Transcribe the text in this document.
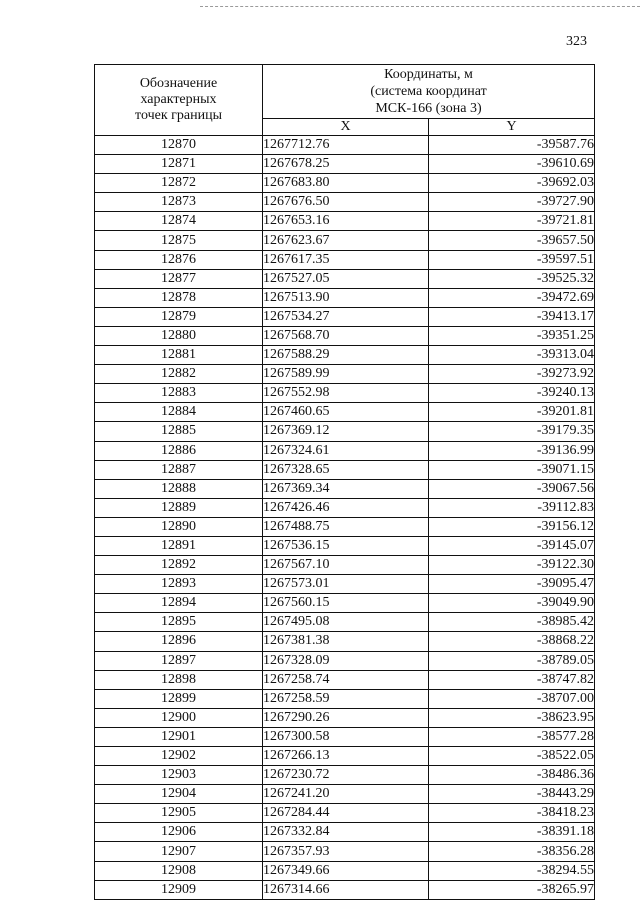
323
Обозначение
характерных
точек границы	Координаты, м
(система координат
МСК-166 (зона 3)	

	X	Y
12870	1267712.76	-39587.76
12871	1267678.25	-39610.69
12872	1267683.80	-39692.03
12873	1267676.50	-39727.90
12874	1267653.16	-39721.81
12875	1267623.67	-39657.50
12876	1267617.35	-39597.51
12877	1267527.05	-39525.32
12878	1267513.90	-39472.69
12879	1267534.27	-39413.17
12880	1267568.70	-39351.25
12881	1267588.29	-39313.04
12882	1267589.99	-39273.92
12883	1267552.98	-39240.13
12884	1267460.65	-39201.81
12885	1267369.12	-39179.35
12886	1267324.61	-39136.99
12887	1267328.65	-39071.15
12888	1267369.34	-39067.56
12889	1267426.46	-39112.83
12890	1267488.75	-39156.12
12891	1267536.15	-39145.07
12892	1267567.10	-39122.30
12893	1267573.01	-39095.47
12894	1267560.15	-39049.90
12895	1267495.08	-38985.42
12896	1267381.38	-38868.22
12897	1267328.09	-38789.05
12898	1267258.74	-38747.82
12899	1267258.59	-38707.00
12900	1267290.26	-38623.95
12901	1267300.58	-38577.28
12902	1267266.13	-38522.05
12903	1267230.72	-38486.36
12904	1267241.20	-38443.29
12905	1267284.44	-38418.23
12906	1267332.84	-38391.18
12907	1267357.93	-38356.28
12908	1267349.66	-38294.55
12909	1267314.66	-38265.97
